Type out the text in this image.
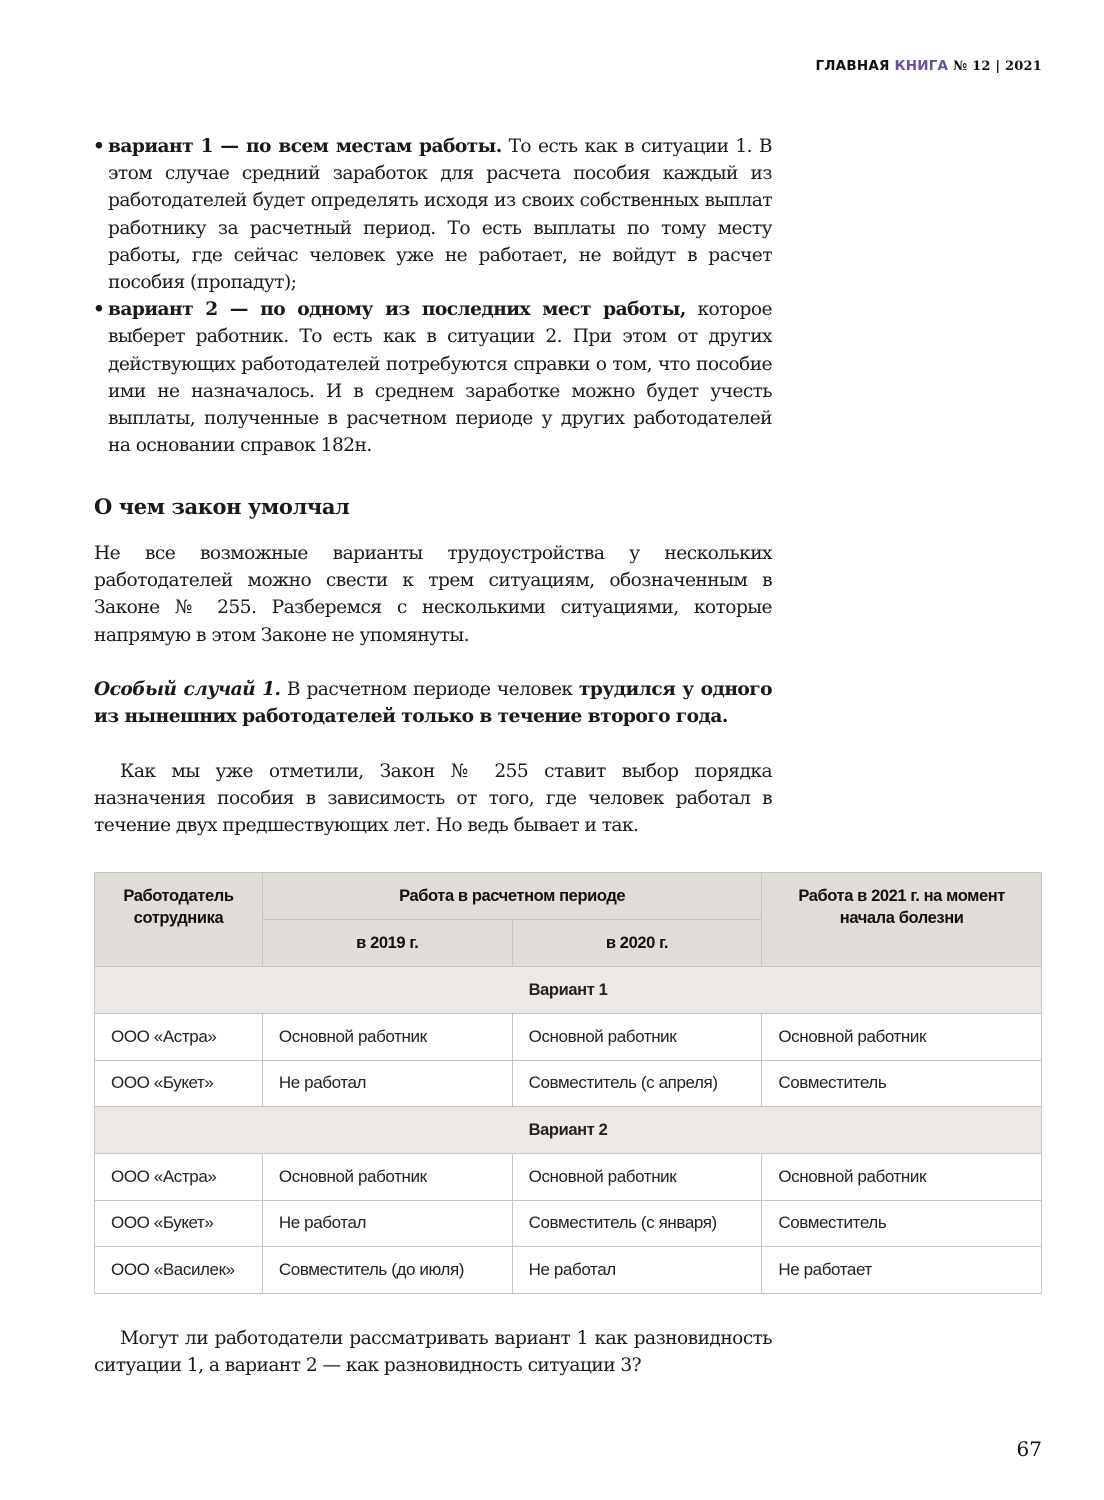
ГЛАВНАЯ КНИГА № 12 | 2021
• вариант 1 — по всем местам работы. То есть как в ситуации 1. В этом случае средний заработок для расчета пособия каждый из работодателей будет определять исходя из своих собственных выплат работнику за расчетный период. То есть выплаты по тому месту работы, где сейчас человек уже не работает, не войдут в расчет пособия (пропадут);
• вариант 2 — по одному из последних мест работы, которое выберет работник. То есть как в ситуации 2. При этом от других действующих работодателей потребуются справки о том, что пособие ими не назначалось. И в среднем заработке можно будет учесть выплаты, полученные в расчетном периоде у других работодателей на основании справок 182н.
О чем закон умолчал

Не все возможные варианты трудоустройства у нескольких работодателей можно свести к трем ситуациям, обозначенным в Законе № 255. Разберемся с несколькими ситуациями, которые напрямую в этом Законе не упомянуты.

Особый случай 1. В расчетном периоде человек трудился у одного из нынешних работодателей только в течение второго года.

Как мы уже отметили, Закон № 255 ставит выбор порядка назначения пособия в зависимость от того, где человек работал в течение двух предшествующих лет. Но ведь бывает и так.

Работодатель сотрудника	Работа в расчетном периоде		Работа в 2021 г. на момент начала болезни
	в 2019 г.	в 2020 г.	
Вариант 1			
ООО «Астра»	Основной работник	Основной работник	Основной работник
ООО «Букет»	Не работал	Совместитель (с апреля)	Совместитель
Вариант 2			
ООО «Астра»	Основной работник	Основной работник	Основной работник
ООО «Букет»	Не работал	Совместитель (с января)	Совместитель
ООО «Василек»	Совместитель (до июля)	Не работал	Не работает

Могут ли работодатели рассматривать вариант 1 как разновидность ситуации 1, а вариант 2 — как разновидность ситуации 3?

67
